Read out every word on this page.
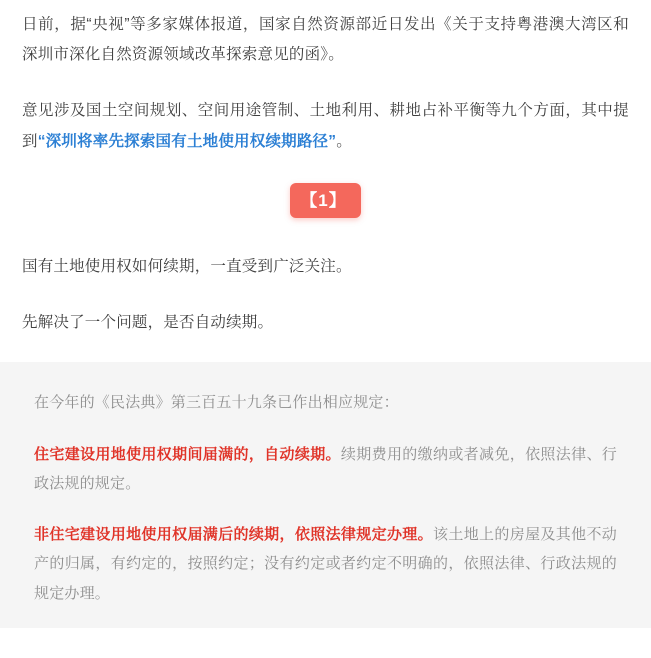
日前，据“央视”等多家媒体报道，国家自然资源部近日发出《关于支持粤港澳大湾区和深圳市深化自然资源领域改革探索意见的函》。

意见涉及国土空间规划、空间用途管制、土地利用、耕地占补平衡等九个方面，其中提到“深圳将率先探索国有土地使用权续期路径”。

【1】

国有土地使用权如何续期，一直受到广泛关注。

先解决了一个问题，是否自动续期。

在今年的《民法典》第三百五十九条已作出相应规定：

住宅建设用地使用权期间届满的，自动续期。续期费用的缴纳或者减免，依照法律、行政法规的规定。

非住宅建设用地使用权届满后的续期，依照法律规定办理。该土地上的房屋及其他不动产的归属，有约定的，按照约定；没有约定或者约定不明确的，依照法律、行政法规的规定办理。
